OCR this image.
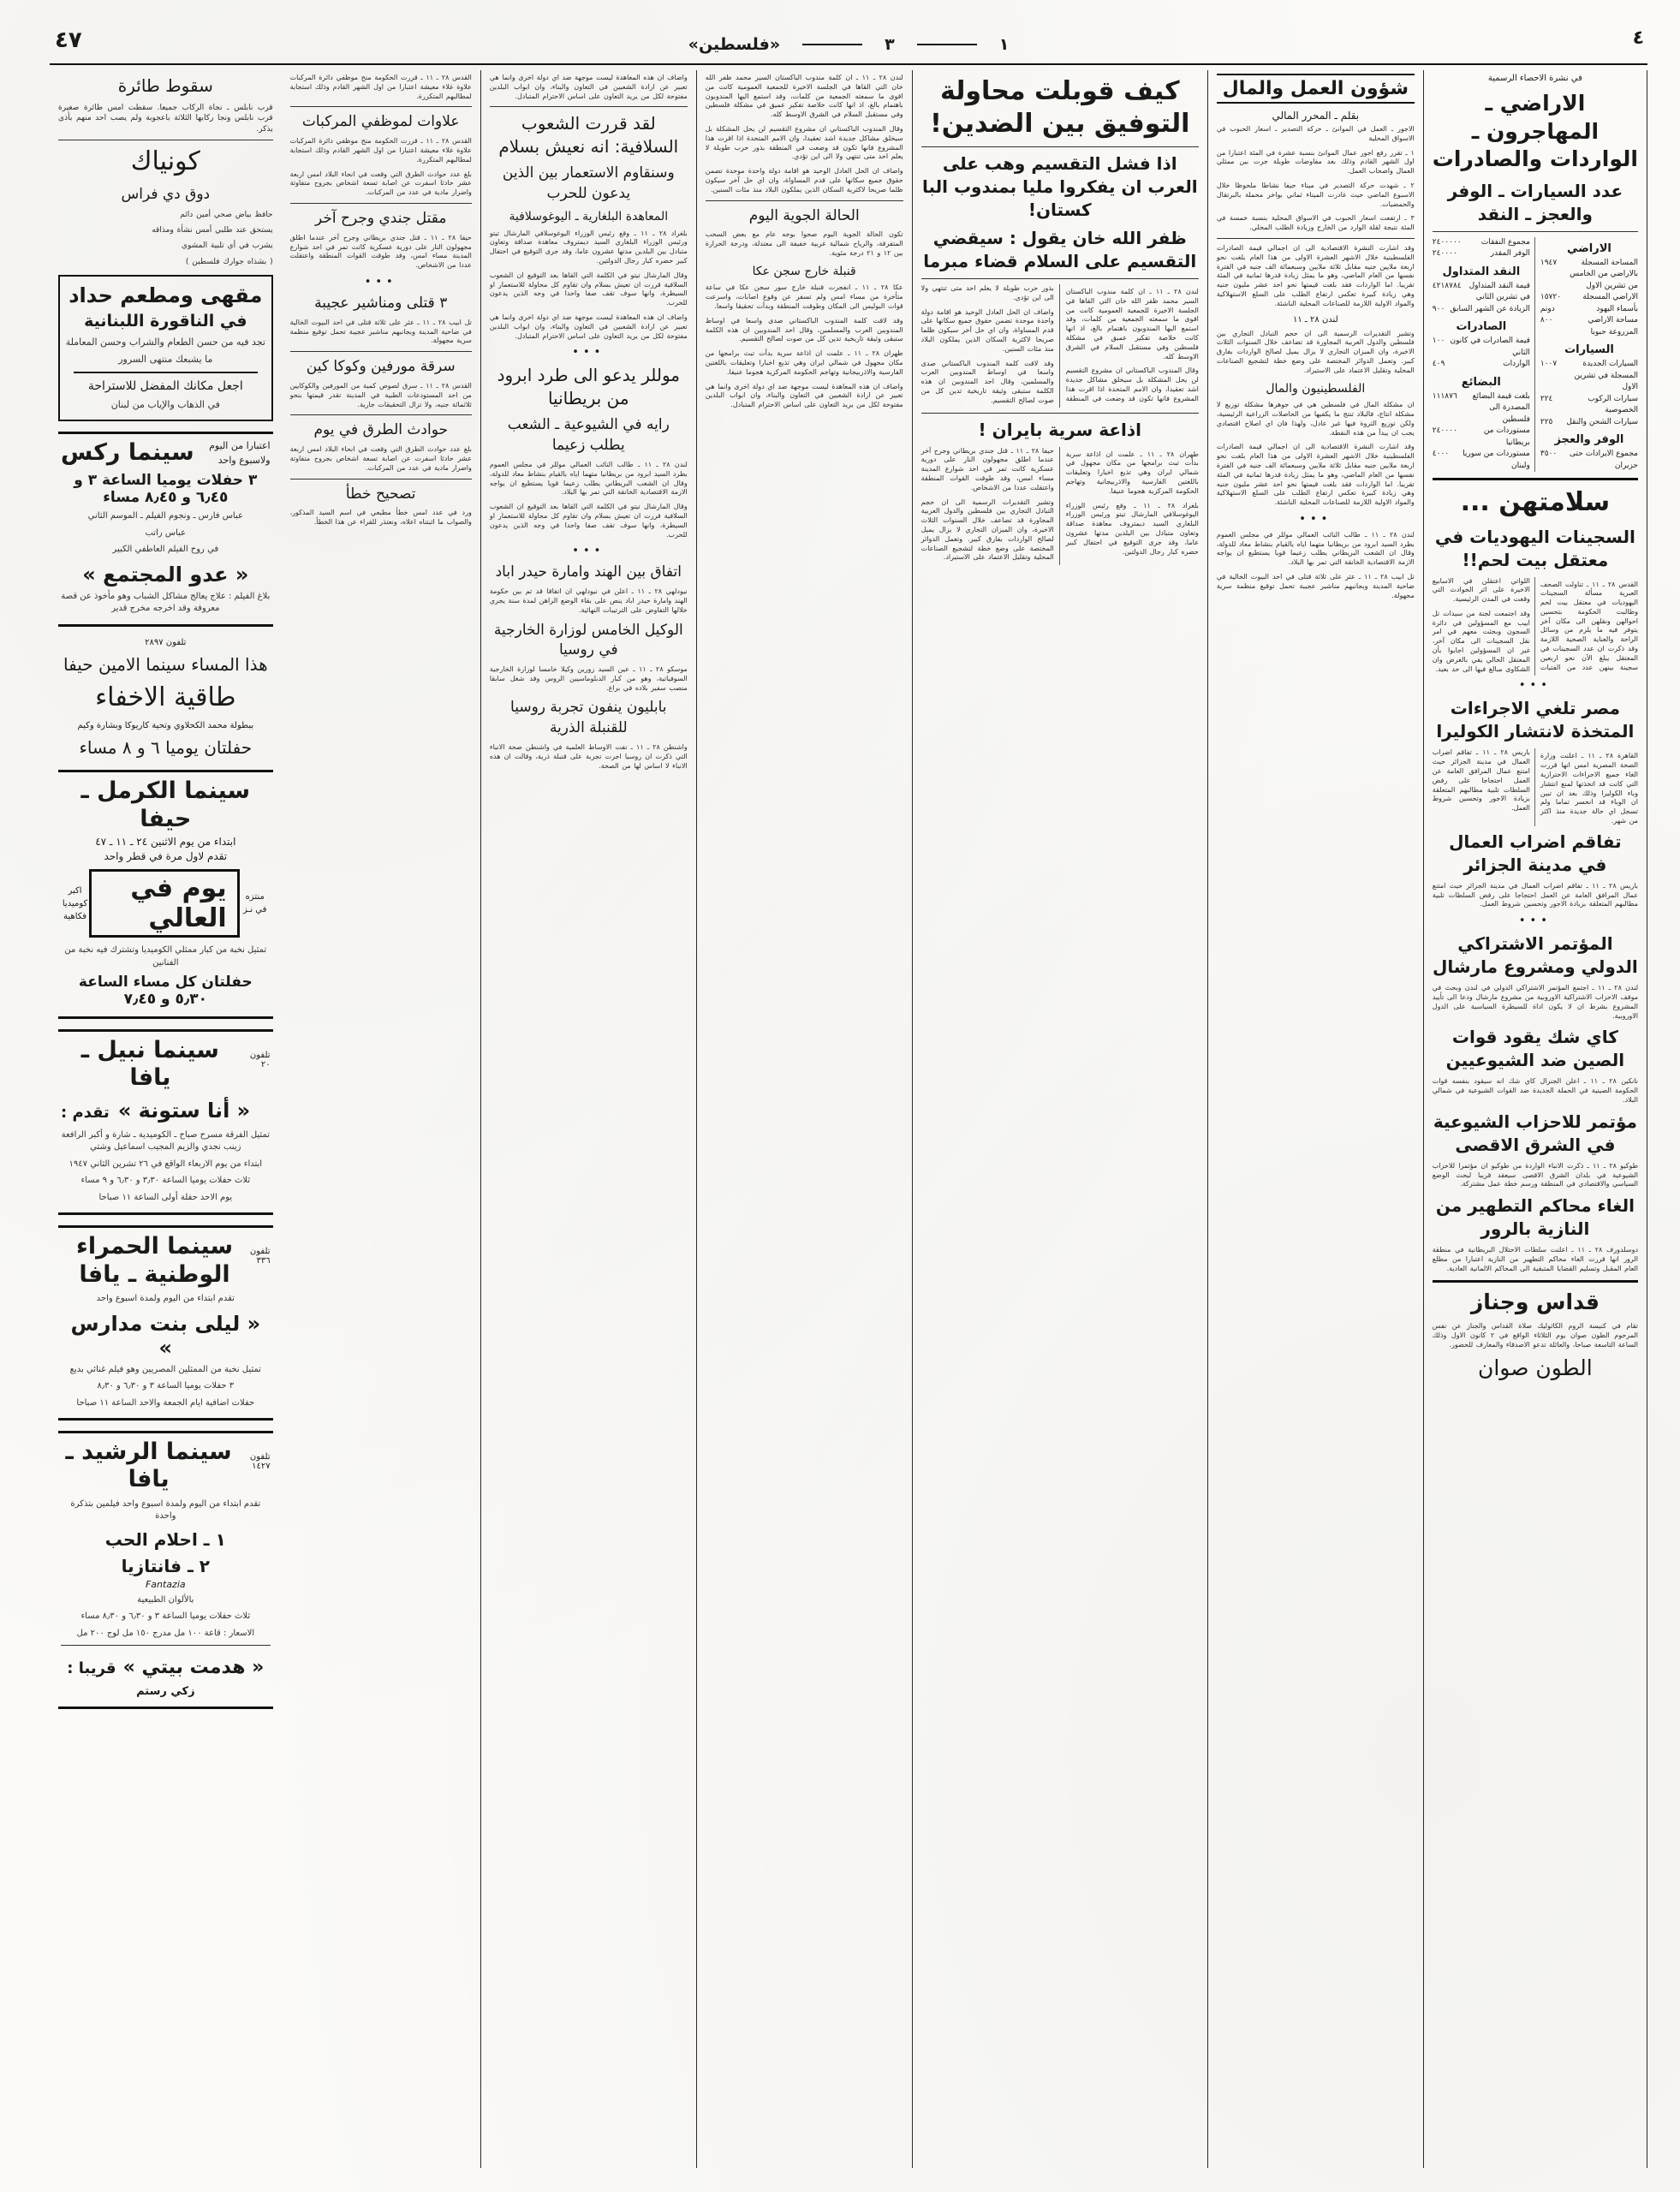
٤
١
٣
«فلسطين»
٤٧
سقوط طائرة
قرب نابلس ـ نجاة الركاب جميعا. سقطت امس طائرة صغيرة قرب نابلس ونجا ركابها الثلاثة باعجوبة ولم يصب احد منهم بأذى يذكر.
كونياك
دوق دي فراس
حافظ بياض صحي أمين دائم
يستحق عند طلبي أمس نشأة ومذاقه
يشرب في أي تلبية المشوي
( بشذاه جوارك فلسطين )
مقهى ومطعم حداد
في الناقورة اللبنانية
تجد فيه من حسن الطعام والشراب وحسن المعاملة
ما يشبعك منتهى السرور
اجعل مكانك المفضل للاستراحة
في الذهاب والإياب من لبنان
اعتبارا من اليوم
ولاسبوع واحد
سينما ركس
٣ حفلات يوميا الساعة ٣ و ٦٫٤٥ و ٨٫٤٥ مساء
عباس فارس ـ ونجوم الفيلم ـ الموسم الثاني
عباس راتب
في روح الفيلم العاطفي الكبير
« عدو المجتمع »
بلاغ الفيلم : علاج يعالج مشاكل الشباب وهو مأخوذ عن قصة معروفة وقد اخرجه مخرج قدير
تلفون ٢٨٩٧
هذا المساء سينما الامين حيفا
طاقية الاخفاء
ببطولة محمد الكحلاوي وتحية كاريوكا وبشارة وكيم
حفلتان يوميا ٦ و ٨ مساء
سينما الكرمل ـ حيفا
ابتداء من يوم الاثنين ٢٤ ـ ١١ ـ ٤٧
تقدم لاول مرة في قطر واحد
منتزه في نـز
يوم في العالي
اكبر كوميديا
فكاهية
تمثيل نخبة من كبار ممثلي الكوميديا وتشترك فيه نخبة من الفنانين
حفلتان كل مساء الساعة ٥٫٣٠ و ٧٫٤٥
تلفون ٢٠
سينما نبيل ـ يافا
« أنا ستونة »
تقدم :
تمثيل الفرقة مسرح صباح ـ الكوميدية ـ شارة و أكبر الرافعة زينب نجدي والزيم المجيب اسماعيل وشتي
ابتداء من يوم الاربعاء الواقع في ٢٦ تشرين الثاني ١٩٤٧
ثلاث حفلات يوميا الساعة ٣٫٣٠ و ٦٫٣٠ و ٩ مساء
يوم الاحد حفلة أولى الساعة ١١ صباحا
تلفون ٣٣٦
سينما الحمراء الوطنية ـ يافا
تقدم ابتداء من اليوم ولمدة اسبوع واحد
« ليلى بنت مدارس »
تمثيل نخبة من الممثلين المصريين وهو فيلم غنائي بديع
٣ حفلات يوميا الساعة ٣ و ٦٫٣٠ و ٨٫٣٠
حفلات اضافية ايام الجمعة والاحد الساعة ١١ صباحا
تلفون ١٤٢٧
سينما الرشيد ـ يافا
تقدم ابتداء من اليوم ولمدة اسبوع واحد فيلمين بتذكرة واحدة
١ ـ احلام الحب
٢ ـ فانتازيا
Fantazia
بالألوان الطبيعية
ثلاث حفلات يوميا الساعة ٣ و ٦٫٣٠ و ٨٫٣٠ مساء
الاسعار : قاعة ١٠٠ مل مدرج ١٥٠ مل لوج ٢٠٠ مل
« هدمت بيتي »
قريبا :
زكي رستم
القدس ٢٨ ـ ١١ ـ قررت الحكومة منح موظفي دائرة المركبات علاوة غلاء معيشة اعتبارا من اول الشهر القادم وذلك استجابة لمطالبهم المتكررة.
علاوات لموظفي المركبات
القدس ٢٨ ـ ١١ ـ قررت الحكومة منح موظفي دائرة المركبات علاوة غلاء معيشة اعتبارا من اول الشهر القادم وذلك استجابة لمطالبهم المتكررة.
بلغ عدد حوادث الطرق التي وقعت في انحاء البلاد امس اربعة عشر حادثا اسفرت عن اصابة تسعة اشخاص بجروح متفاوتة واضرار مادية في عدد من المركبات.
مقتل جندي وجرح آخر
حيفا ٢٨ ـ ١١ ـ قتل جندي بريطاني وجرح آخر عندما اطلق مجهولون النار على دورية عسكرية كانت تمر في احد شوارع المدينة مساء امس، وقد طوقت القوات المنطقة واعتقلت عددا من الاشخاص.
•••
٣ قتلى ومناشير عجيبة
تل ابيب ٢٨ ـ ١١ ـ عثر على ثلاثة قتلى في احد البيوت الخالية في ضاحية المدينة وبجانبهم مناشير عجيبة تحمل توقيع منظمة سرية مجهولة.
سرقة مورفين وكوكا كين
القدس ٢٨ ـ ١١ ـ سرق لصوص كمية من المورفين والكوكايين من احد المستودعات الطبية في المدينة تقدر قيمتها بنحو ثلاثمائة جنيه، ولا تزال التحقيقات جارية.
حوادث الطرق في يوم
بلغ عدد حوادث الطرق التي وقعت في انحاء البلاد امس اربعة عشر حادثا اسفرت عن اصابة تسعة اشخاص بجروح متفاوتة واضرار مادية في عدد من المركبات.
تصحيح خطأ
ورد في عدد امس خطأ مطبعي في اسم السيد المذكور، والصواب ما اثبتناه اعلاه، ونعتذر للقراء عن هذا الخطأ.
واضاف ان هذه المعاهدة ليست موجهة ضد اي دولة اخرى وانما هي تعبير عن ارادة الشعبين في التعاون والبناء، وان ابواب البلدين مفتوحة لكل من يريد التعاون على اساس الاحترام المتبادل.
لقد قررت الشعوب السلافية: انه نعيش بسلام
وسنقاوم الاستعمار بين الذين يدعون للحرب
المعاهدة البلغارية ـ اليوغوسلافية
بلغراد ٢٨ ـ ١١ ـ وقع رئيس الوزراء اليوغوسلافي المارشال تيتو ورئيس الوزراء البلغاري السيد ديمتروف معاهدة صداقة وتعاون متبادل بين البلدين مدتها عشرون عاما، وقد جرى التوقيع في احتفال كبير حضره كبار رجال الدولتين.
وقال المارشال تيتو في الكلمة التي القاها بعد التوقيع ان الشعوب السلافية قررت ان تعيش بسلام وان تقاوم كل محاولة للاستعمار او السيطرة، وانها سوف تقف صفا واحدا في وجه الذين يدعون للحرب.
واضاف ان هذه المعاهدة ليست موجهة ضد اي دولة اخرى وانما هي تعبير عن ارادة الشعبين في التعاون والبناء، وان ابواب البلدين مفتوحة لكل من يريد التعاون على اساس الاحترام المتبادل.
•••
موللر يدعو الى طرد ابرود من بريطانيا
رايه في الشيوعية ـ الشعب يطلب زعيما
لندن ٢٨ ـ ١١ ـ طالب النائب العمالي موللر في مجلس العموم بطرد السيد ابرود من بريطانيا متهما اياه بالقيام بنشاط معاد للدولة، وقال ان الشعب البريطاني يطلب زعيما قويا يستطيع ان يواجه الازمة الاقتصادية الخانقة التي تمر بها البلاد.
وقال المارشال تيتو في الكلمة التي القاها بعد التوقيع ان الشعوب السلافية قررت ان تعيش بسلام وان تقاوم كل محاولة للاستعمار او السيطرة، وانها سوف تقف صفا واحدا في وجه الذين يدعون للحرب.
•••
اتفاق بين الهند وامارة حيدر اباد
نيودلهي ٢٨ ـ ١١ ـ اعلن في نيودلهي ان اتفاقا قد تم بين حكومة الهند وامارة حيدر اباد ينص على بقاء الوضع الراهن لمدة سنة يجري خلالها التفاوض على الترتيبات النهائية.
الوكيل الخامس لوزارة الخارجية في روسيا
موسكو ٢٨ ـ ١١ ـ عين السيد زورين وكيلا خامسا لوزارة الخارجية السوفياتية، وهو من كبار الدبلوماسيين الروس وقد شغل سابقا منصب سفير بلاده في براغ.
بابليون ينفون تجربة روسيا للقنبلة الذرية
واشنطن ٢٨ ـ ١١ ـ نفت الاوساط العلمية في واشنطن صحة الانباء التي ذكرت ان روسيا اجرت تجربة على قنبلة ذرية، وقالت ان هذه الانباء لا اساس لها من الصحة.
لندن ٢٨ ـ ١١ ـ ان كلمة مندوب الباكستان السير محمد ظفر الله خان التي القاها في الجلسة الاخيرة للجمعية العمومية كانت من اقوى ما سمعته الجمعية من كلمات، وقد استمع اليها المندوبون باهتمام بالغ، اذ انها كانت خلاصة تفكير عميق في مشكلة فلسطين وفي مستقبل السلام في الشرق الاوسط كله.
وقال المندوب الباكستاني ان مشروع التقسيم لن يحل المشكلة بل سيخلق مشاكل جديدة اشد تعقيدا، وان الامم المتحدة اذا اقرت هذا المشروع فانها تكون قد وضعت في المنطقة بذور حرب طويلة لا يعلم احد متى تنتهي ولا الى اين تؤدي.
واضاف ان الحل العادل الوحيد هو اقامة دولة واحدة موحدة تضمن حقوق جميع سكانها على قدم المساواة، وان اي حل آخر سيكون ظلما صريحا لاكثرية السكان الذين يملكون البلاد منذ مئات السنين.
الحالة الجوية اليوم
تكون الحالة الجوية اليوم صحوا بوجه عام مع بعض السحب المتفرقة، والرياح شمالية غربية خفيفة الى معتدلة، ودرجة الحرارة بين ١٢ و ٢١ درجة مئوية.
قنبلة خارج سجن عكا
عكا ٢٨ ـ ١١ ـ انفجرت قنبلة خارج سور سجن عكا في ساعة متأخرة من مساء امس ولم تسفر عن وقوع اصابات، واسرعت قوات البوليس الى المكان وطوقت المنطقة وبدأت تحقيقا واسعا.
وقد لاقت كلمة المندوب الباكستاني صدى واسعا في اوساط المندوبين العرب والمسلمين، وقال احد المندوبين ان هذه الكلمة ستبقى وثيقة تاريخية تدين كل من صوت لصالح التقسيم.
طهران ٢٨ ـ ١١ ـ علمت ان اذاعة سرية بدأت تبث برامجها من مكان مجهول في شمالي ايران وهي تذيع اخبارا وتعليقات باللغتين الفارسية والاذربيجانية وتهاجم الحكومة المركزية هجوما عنيفا.
واضاف ان هذه المعاهدة ليست موجهة ضد اي دولة اخرى وانما هي تعبير عن ارادة الشعبين في التعاون والبناء، وان ابواب البلدين مفتوحة لكل من يريد التعاون على اساس الاحترام المتبادل.
كيف قوبلت محاولة التوفيق بين الضدين!
اذا فشل التقسيم وهب على العرب ان يفكروا مليا بمندوب البا كستان!
ظفر الله خان يقول : سيقضي التقسيم على السلام قضاء مبرما
لندن ٢٨ ـ ١١ ـ ان كلمة مندوب الباكستان السير محمد ظفر الله خان التي القاها في الجلسة الاخيرة للجمعية العمومية كانت من اقوى ما سمعته الجمعية من كلمات، وقد استمع اليها المندوبون باهتمام بالغ، اذ انها كانت خلاصة تفكير عميق في مشكلة فلسطين وفي مستقبل السلام في الشرق الاوسط كله.
وقال المندوب الباكستاني ان مشروع التقسيم لن يحل المشكلة بل سيخلق مشاكل جديدة اشد تعقيدا، وان الامم المتحدة اذا اقرت هذا المشروع فانها تكون قد وضعت في المنطقة بذور حرب طويلة لا يعلم احد متى تنتهي ولا الى اين تؤدي.
واضاف ان الحل العادل الوحيد هو اقامة دولة واحدة موحدة تضمن حقوق جميع سكانها على قدم المساواة، وان اي حل آخر سيكون ظلما صريحا لاكثرية السكان الذين يملكون البلاد منذ مئات السنين.
وقد لاقت كلمة المندوب الباكستاني صدى واسعا في اوساط المندوبين العرب والمسلمين، وقال احد المندوبين ان هذه الكلمة ستبقى وثيقة تاريخية تدين كل من صوت لصالح التقسيم.
اذاعة سرية بايران !
طهران ٢٨ ـ ١١ ـ علمت ان اذاعة سرية بدأت تبث برامجها من مكان مجهول في شمالي ايران وهي تذيع اخبارا وتعليقات باللغتين الفارسية والاذربيجانية وتهاجم الحكومة المركزية هجوما عنيفا.
بلغراد ٢٨ ـ ١١ ـ وقع رئيس الوزراء اليوغوسلافي المارشال تيتو ورئيس الوزراء البلغاري السيد ديمتروف معاهدة صداقة وتعاون متبادل بين البلدين مدتها عشرون عاما، وقد جرى التوقيع في احتفال كبير حضره كبار رجال الدولتين.
حيفا ٢٨ ـ ١١ ـ قتل جندي بريطاني وجرح آخر عندما اطلق مجهولون النار على دورية عسكرية كانت تمر في احد شوارع المدينة مساء امس، وقد طوقت القوات المنطقة واعتقلت عددا من الاشخاص.
وتشير التقديرات الرسمية الى ان حجم التبادل التجاري بين فلسطين والدول العربية المجاورة قد تضاعف خلال السنوات الثلاث الاخيرة، وان الميزان التجاري لا يزال يميل لصالح الواردات بفارق كبير. وتعمل الدوائر المختصة على وضع خطة لتشجيع الصناعات المحلية وتقليل الاعتماد على الاستيراد.
شؤون العمل والمال
بقلم ـ المحرر المالي
الاجور ـ العمل في الموانئ ـ حركة التصدير ـ اسعار الحبوب في الاسواق المحلية
١ ـ تقرر رفع اجور عمال الموانئ بنسبة عشرة في المئة اعتبارا من اول الشهر القادم وذلك بعد مفاوضات طويلة جرت بين ممثلي العمال واصحاب العمل.
٢ ـ شهدت حركة التصدير في ميناء حيفا نشاطا ملحوظا خلال الاسبوع الماضي حيث غادرت الميناء ثماني بواخر محملة بالبرتقال والحمضيات.
٣ ـ ارتفعت اسعار الحبوب في الاسواق المحلية بنسبة خمسة في المئة نتيجة لقلة الوارد من الخارج وزيادة الطلب المحلي.
وقد اشارت النشرة الاقتصادية الى ان اجمالي قيمة الصادرات الفلسطينية خلال الاشهر العشرة الاولى من هذا العام بلغت نحو اربعة ملايين جنيه مقابل ثلاثة ملايين وسبعمائة الف جنيه في الفترة نفسها من العام الماضي، وهو ما يمثل زيادة قدرها ثمانية في المئة تقريبا. اما الواردات فقد بلغت قيمتها نحو احد عشر مليون جنيه وهي زيادة كبيرة تعكس ارتفاع الطلب على السلع الاستهلاكية والمواد الاولية اللازمة للصناعات المحلية الناشئة.
لندن ٢٨ ـ ١١
وتشير التقديرات الرسمية الى ان حجم التبادل التجاري بين فلسطين والدول العربية المجاورة قد تضاعف خلال السنوات الثلاث الاخيرة، وان الميزان التجاري لا يزال يميل لصالح الواردات بفارق كبير. وتعمل الدوائر المختصة على وضع خطة لتشجيع الصناعات المحلية وتقليل الاعتماد على الاستيراد.
الفلسطينيون والمال
ان مشكلة المال في فلسطين هي في جوهرها مشكلة توزيع لا مشكلة انتاج، فالبلاد تنتج ما يكفيها من الحاصلات الزراعية الرئيسية، ولكن توزيع الثروة فيها غير عادل، ولهذا فان اي اصلاح اقتصادي يجب ان يبدأ من هذه النقطة.
وقد اشارت النشرة الاقتصادية الى ان اجمالي قيمة الصادرات الفلسطينية خلال الاشهر العشرة الاولى من هذا العام بلغت نحو اربعة ملايين جنيه مقابل ثلاثة ملايين وسبعمائة الف جنيه في الفترة نفسها من العام الماضي، وهو ما يمثل زيادة قدرها ثمانية في المئة تقريبا. اما الواردات فقد بلغت قيمتها نحو احد عشر مليون جنيه وهي زيادة كبيرة تعكس ارتفاع الطلب على السلع الاستهلاكية والمواد الاولية اللازمة للصناعات المحلية الناشئة.
•••
لندن ٢٨ ـ ١١ ـ طالب النائب العمالي موللر في مجلس العموم بطرد السيد ابرود من بريطانيا متهما اياه بالقيام بنشاط معاد للدولة، وقال ان الشعب البريطاني يطلب زعيما قويا يستطيع ان يواجه الازمة الاقتصادية الخانقة التي تمر بها البلاد.
تل ابيب ٢٨ ـ ١١ ـ عثر على ثلاثة قتلى في احد البيوت الخالية في ضاحية المدينة وبجانبهم مناشير عجيبة تحمل توقيع منظمة سرية مجهولة.
في نشرة الاحصاء الرسمية
الاراضي ـ المهاجرون ـ الواردات والصادرات
عدد السيارات ـ الوفر والعجز ـ النقد
الاراضي
المساحة المسجلة بالاراضي من الخامس من تشرين الاول
١٩٤٧
الاراضي المسجلة بأسماء اليهود
١٥٧٢٠ دونم
مساحة الاراضي المزروعة حبوبا
٨٠٠
السيارات
السيارات الجديدة المسجلة في تشرين الاول
١٠٠٧
سيارات الركوب الخصوصية
٢٢٤
سيارات الشحن والنقل
٢٢٥
الوفر والعجز
مجموع الايرادات حتى حزيران
٣٥٠٠
مجموع النفقات
٢٤٠٠٠٠٠
الوفر المقدر
٢٤٠٠٠٠
النقد المتداول
قيمة النقد المتداول في تشرين الثاني
٤٢١٨٧٨٤
الزيادة عن الشهر السابق
٩٠٠
الصادرات
قيمة الصادرات في كانون الثاني
١٠٠
الواردات
٤٠٩
البضائع
بلغت قيمة البضائع المصدرة الى فلسطين
١١١٨٧٦
مستوردات من بريطانيا
٢٤٠٠٠٠
مستوردات من سوريا ولبنان
٤٠٠٠
سلامتهن ...
السجينات اليهوديات في معتقل بيت لحم!!
القدس ٢٨ ـ ١١ ـ تناولت الصحف العبرية مسألة السجينات اليهوديات في معتقل بيت لحم وطالبت الحكومة بتحسين احوالهن ونقلهن الى مكان آخر يتوفر فيه ما يلزم من وسائل الراحة والعناية الصحية اللازمة وقد ذكرت ان عدد السجينات في المعتقل يبلغ الآن نحو اربعين سجينة بينهن عدد من الفتيات اللواتي اعتقلن في الاسابيع الاخيرة على اثر الحوادث التي وقعت في المدن الرئيسية.
وقد اجتمعت لجنة من سيدات تل ابيب مع المسؤولين في دائرة السجون وبحثت معهم في امر نقل السجينات الى مكان آخر، غير ان المسؤولين اجابوا بأن المعتقل الحالي يفي بالغرض وان الشكاوى مبالغ فيها الى حد بعيد.
•••
مصر تلغي الاجراءات المتخذة لانتشار الكوليرا
القاهرة ٢٨ ـ ١١ ـ اعلنت وزارة الصحة المصرية امس انها قررت الغاء جميع الاجراءات الاحترازية التي كانت قد اتخذتها لمنع انتشار وباء الكوليرا وذلك بعد ان تبين ان الوباء قد انحسر تماما ولم تسجل اي حالة جديدة منذ اكثر من شهر.
باريس ٢٨ ـ ١١ ـ تفاقم اضراب العمال في مدينة الجزائر حيث امتنع عمال المرافق العامة عن العمل احتجاجا على رفض السلطات تلبية مطالبهم المتعلقة بزيادة الاجور وتحسين شروط العمل.
تفاقم اضراب العمال في مدينة الجزائر
باريس ٢٨ ـ ١١ ـ تفاقم اضراب العمال في مدينة الجزائر حيث امتنع عمال المرافق العامة عن العمل احتجاجا على رفض السلطات تلبية مطالبهم المتعلقة بزيادة الاجور وتحسين شروط العمل.
•••
المؤتمر الاشتراكي الدولي ومشروع مارشال
لندن ٢٨ ـ ١١ ـ اجتمع المؤتمر الاشتراكي الدولي في لندن وبحث في موقف الاحزاب الاشتراكية الاوروبية من مشروع مارشال ودعا الى تأييد المشروع بشرط ان لا يكون اداة للسيطرة السياسية على الدول الاوروبية.
كاي شك يقود قوات الصين ضد الشيوعيين
نانكين ٢٨ ـ ١١ ـ اعلن الجنرال كاي شك انه سيقود بنفسه قوات الحكومة الصينية في الحملة الجديدة ضد القوات الشيوعية في شمالي البلاد.
مؤتمر للاحزاب الشيوعية في الشرق الاقصى
طوكيو ٢٨ ـ ١١ ـ ذكرت الانباء الواردة من طوكيو ان مؤتمرا للاحزاب الشيوعية في بلدان الشرق الاقصى سيعقد قريبا لبحث الوضع السياسي والاقتصادي في المنطقة ورسم خطة عمل مشتركة.
الغاء محاكم التطهير من النازية بالرور
دوسلدورف ٢٨ ـ ١١ ـ اعلنت سلطات الاحتلال البريطانية في منطقة الرور انها قررت الغاء محاكم التطهير من النازية اعتبارا من مطلع العام المقبل وتسليم القضايا المتبقية الى المحاكم الالمانية العادية.
قداس وجناز
تقام في كنيسة الروم الكاثوليك صلاة القداس والجناز عن نفس المرحوم الطون صوان يوم الثلاثاء الواقع في ٢ كانون الاول وذلك الساعة التاسعة صباحا، والعائلة تدعو الاصدقاء والمعارف للحضور.
الطون صوان
